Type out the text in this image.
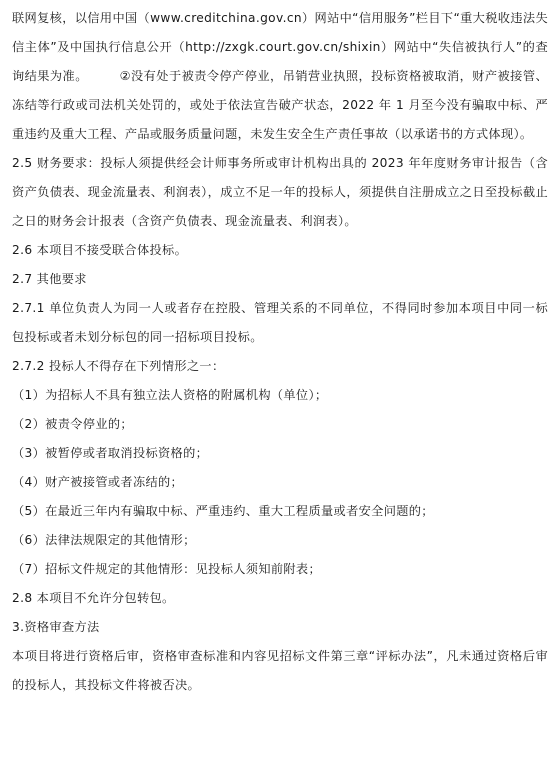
联网复核，以信用中国（www.creditchina.gov.cn）网站中“信用服务”栏目下“重大税收违法失信主体”及中国执行信息公开（http://zxgk.court.gov.cn/shixin）网站中“失信被执行人”的查询结果为准。　　　②没有处于被责令停产停业，吊销营业执照，投标资格被取消，财产被接管、冻结等行政或司法机关处罚的，或处于依法宣告破产状态，2022 年 1 月至今没有骗取中标、严重违约及重大工程、产品或服务质量问题，未发生安全生产责任事故（以承诺书的方式体现）。

2.5 财务要求：投标人须提供经会计师事务所或审计机构出具的 2023 年年度财务审计报告（含资产负债表、现金流量表、利润表），成立不足一年的投标人，须提供自注册成立之日至投标截止之日的财务会计报表（含资产负债表、现金流量表、利润表）。

2.6 本项目不接受联合体投标。

2.7 其他要求

2.7.1 单位负责人为同一人或者存在控股、管理关系的不同单位，不得同时参加本项目中同一标包投标或者未划分标包的同一招标项目投标。

2.7.2 投标人不得存在下列情形之一：

（1）为招标人不具有独立法人资格的附属机构（单位）；

（2）被责令停业的；

（3）被暂停或者取消投标资格的；

（4）财产被接管或者冻结的；

（5）在最近三年内有骗取中标、严重违约、重大工程质量或者安全问题的；

（6）法律法规限定的其他情形；

（7）招标文件规定的其他情形：见投标人须知前附表；

2.8 本项目不允许分包转包。

3.资格审查方法

本项目将进行资格后审，资格审查标准和内容见招标文件第三章“评标办法”，凡未通过资格后审的投标人，其投标文件将被否决。
